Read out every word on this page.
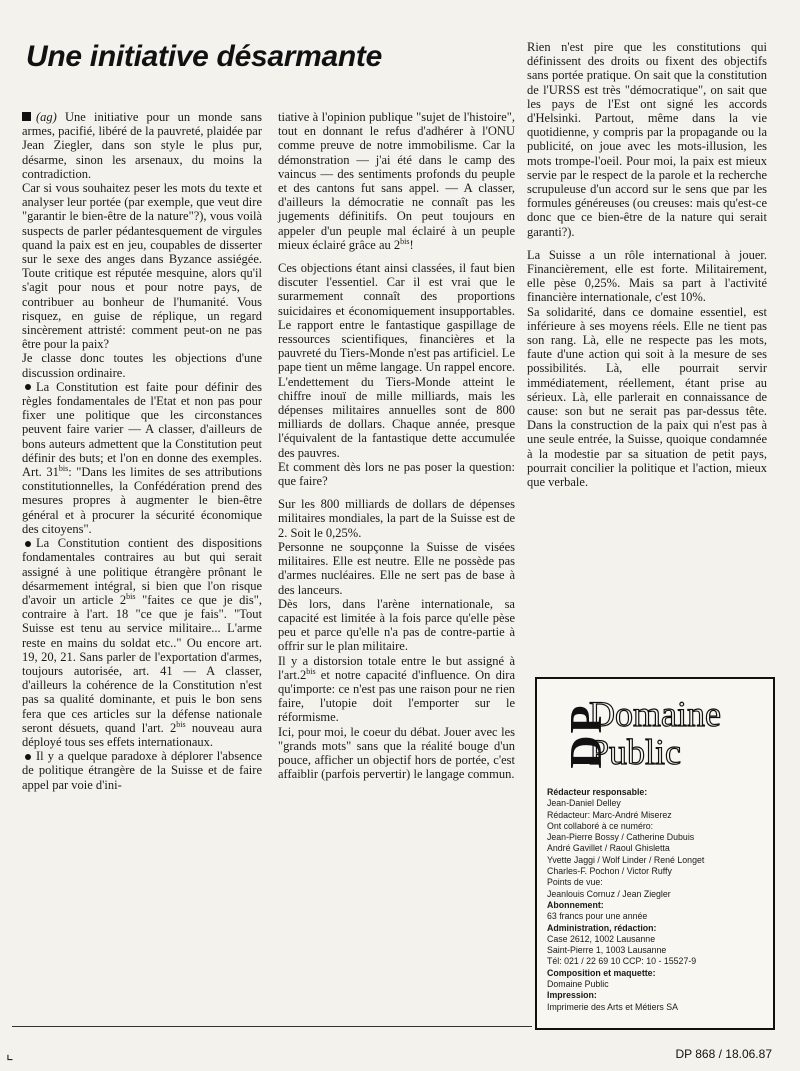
Une initiative désarmante

(ag) Une initiative pour un monde sans armes, pacifié, libéré de la pauvreté, plaidée par Jean Ziegler, dans son style le plus pur, désarme, sinon les arsenaux, du moins la contradiction.

Car si vous souhaitez peser les mots du texte et analyser leur portée (par exemple, que veut dire "garantir le bien-être de la nature"?), vous voilà suspects de parler pédantesquement de virgules quand la paix est en jeu, coupables de disserter sur le sexe des anges dans Byzance assiégée. Toute critique est réputée mesquine, alors qu'il s'agit pour nous et pour notre pays, de contribuer au bonheur de l'humanité. Vous risquez, en guise de réplique, un regard sincèrement attristé: comment peut-on ne pas être pour la paix?

Je classe donc toutes les objections d'une discussion ordinaire.

La Constitution est faite pour définir des règles fondamentales de l'Etat et non pas pour fixer une politique que les circonstances peuvent faire varier — A classer, d'ailleurs de bons auteurs admettent que la Constitution peut définir des buts; et l'on en donne des exemples. Art. $31^{bis}$: "Dans les limites de ses attributions constitutionnelles, la Confédération prend des mesures propres à augmenter le bien-être général et à procurer la sécurité économique des citoyens".

La Constitution contient des dispositions fondamentales contraires au but qui serait assigné à une politique étrangère prônant le désarmement intégral, si bien que l'on risque d'avoir un article $2^{bis}$ "faites ce que je dis", contraire à l'art. 18 "ce que je fais". "Tout Suisse est tenu au service militaire... L'arme reste en mains du soldat etc.." Ou encore art. 19, 20, 21. Sans parler de l'exportation d'armes, toujours autorisée, art. 41 — A classer, d'ailleurs la cohérence de la Constitution n'est pas sa qualité dominante, et puis le bon sens fera que ces articles sur la défense nationale seront désuets, quand l'art. $2^{bis}$ nouveau aura déployé tous ses effets internationaux.

Il y a quelque paradoxe à déplorer l'absence de politique étrangère de la Suisse et de faire appel par voie d'ini-

tiative à l'opinion publique "sujet de l'histoire", tout en donnant le refus d'adhérer à l'ONU comme preuve de notre immobilisme. Car la démonstration — j'ai été dans le camp des vaincus — des sentiments profonds du peuple et des cantons fut sans appel. — A classer, d'ailleurs la démocratie ne connaît pas les jugements définitifs. On peut toujours en appeler d'un peuple mal éclairé à un peuple mieux éclairé grâce au $2^{bis}$!

Ces objections étant ainsi classées, il faut bien discuter l'essentiel. Car il est vrai que le surarmement connaît des proportions suicidaires et économiquement insupportables. Le rapport entre le fantastique gaspillage de ressources scientifiques, financières et la pauvreté du Tiers-Monde n'est pas artificiel. Le pape tient un même langage. Un rappel encore. L'endettement du Tiers-Monde atteint le chiffre inouï de mille milliards, mais les dépenses militaires annuelles sont de 800 milliards de dollars. Chaque année, presque l'équivalent de la fantastique dette accumulée des pauvres.

Et comment dès lors ne pas poser la question: que faire?

Sur les 800 milliards de dollars de dépenses militaires mondiales, la part de la Suisse est de 2. Soit le 0,25%.

Personne ne soupçonne la Suisse de visées militaires. Elle est neutre. Elle ne possède pas d'armes nucléaires. Elle ne sert pas de base à des lanceurs.

Dès lors, dans l'arène internationale, sa capacité est limitée à la fois parce qu'elle pèse peu et parce qu'elle n'a pas de contre-partie à offrir sur le plan militaire.

Il y a distorsion totale entre le but assigné à $l'art.2^{bis}$ et notre capacité d'influence. On dira qu'importe: ce n'est pas une raison pour ne rien faire, l'utopie doit l'emporter sur le réformisme.

Ici, pour moi, le coeur du débat. Jouer avec les "grands mots" sans que la réalité bouge d'un pouce, afficher un objectif hors de portée, c'est affaiblir (parfois pervertir) le langage commun.

Rien n'est pire que les constitutions qui définissent des droits ou fixent des objectifs sans portée pratique. On sait que la constitution de l'URSS est très "démocratique", on sait que les pays de l'Est ont signé les accords d'Helsinki. Partout, même dans la vie quotidienne, y compris par la propagande ou la publicité, on joue avec les mots-illusion, les mots trompe-l'oeil. Pour moi, la paix est mieux servie par le respect de la parole et la recherche scrupuleuse d'un accord sur le sens que par les formules généreuses (ou creuses: mais qu'est-ce donc que ce bien-être de la nature qui serait garanti?).

La Suisse a un rôle international à jouer. Financièrement, elle est forte. Militairement, elle pèse 0,25%. Mais sa part à l'activité financière internationale, c'est 10%.

Sa solidarité, dans ce domaine essentiel, est inférieure à ses moyens réels. Elle ne tient pas son rang. Là, elle ne respecte pas les mots, faute d'une action qui soit à la mesure de ses possibilités. Là, elle pourrait servir immédiatement, réellement, étant prise au sérieux. Là, elle parlerait en connaissance de cause: son but ne serait pas par-dessus tête. Dans la construction de la paix qui n'est pas à une seule entrée, la Suisse, quoique condamnée à la modestie par sa situation de petit pays, pourrait concilier la politique et l'action, mieux que verbale.

DP
Domaine
Public
Rédacteur responsable:
Jean-Daniel Delley
Rédacteur: Marc-André Miserez
Ont collaboré à ce numéro:
Jean-Pierre Bossy / Catherine Dubuis
André Gavillet / Raoul Ghisletta
Yvette Jaggi / Wolf Linder / René Longet
Charles-F. Pochon / Victor Ruffy
Points de vue:
Jeanlouis Cornuz / Jean Ziegler
Abonnement:
63 francs pour une année
Administration, rédaction:
Case 2612, 1002 Lausanne
Saint-Pierre 1, 1003 Lausanne
Tél: 021 / 22 69 10 CCP: 10 - 15527-9
Composition et maquette:
Domaine Public
Impression:
Imprimerie des Arts et Métiers SA
⌞	DP 868 / 18.06.87
